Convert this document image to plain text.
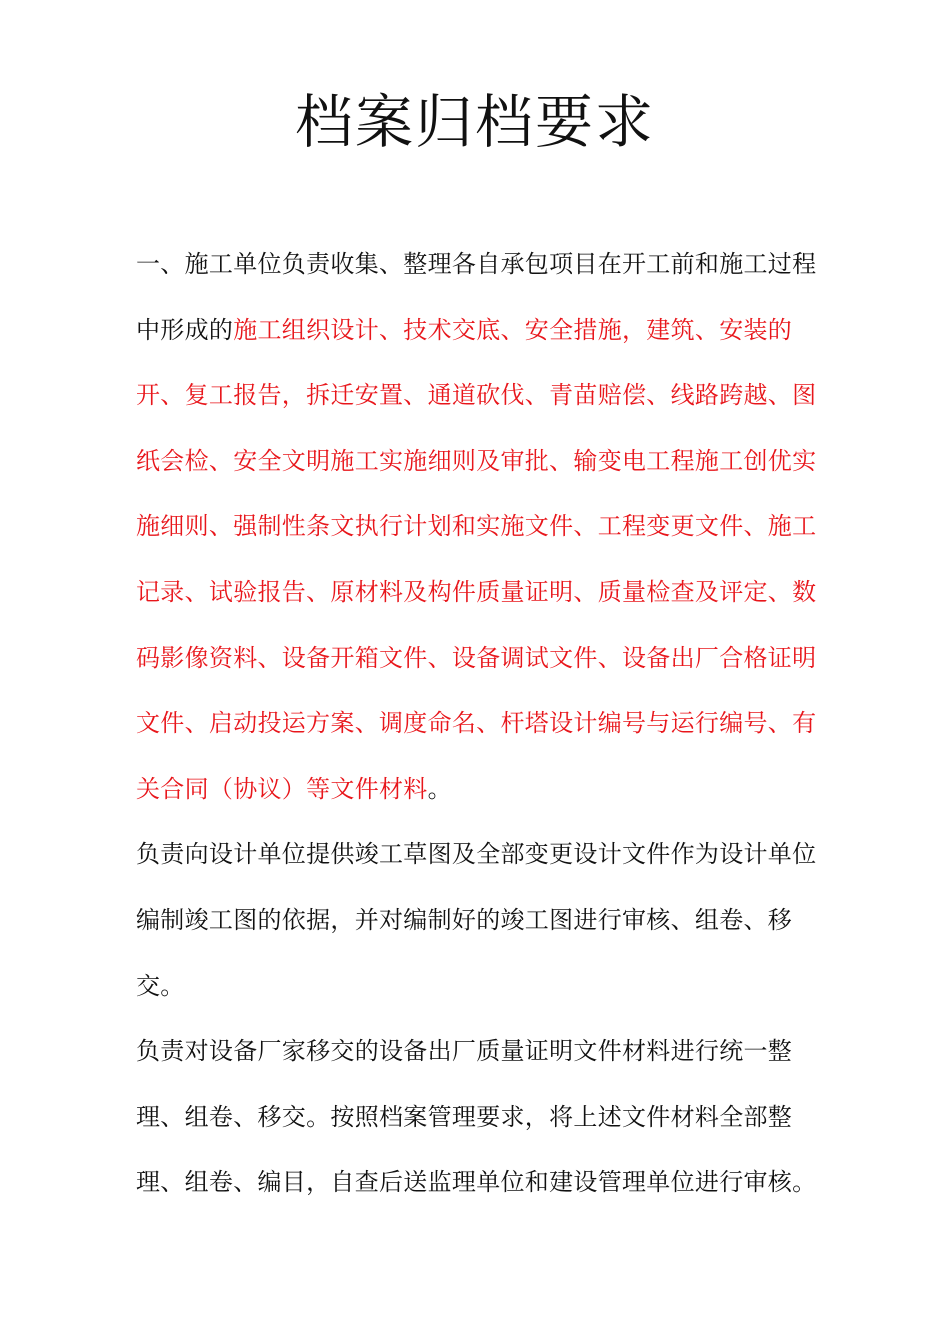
档案归档要求

一、施工单位负责收集、整理各自承包项目在开工前和施工过程中形成的施工组织设计、技术交底、安全措施，建筑、安装的开、复工报告，拆迁安置、通道砍伐、青苗赔偿、线路跨越、图纸会检、安全文明施工实施细则及审批、输变电工程施工创优实施细则、强制性条文执行计划和实施文件、工程变更文件、施工记录、试验报告、原材料及构件质量证明、质量检查及评定、数码影像资料、设备开箱文件、设备调试文件、设备出厂合格证明文件、启动投运方案、调度命名、杆塔设计编号与运行编号、有关合同（协议）等文件材料。

负责向设计单位提供竣工草图及全部变更设计文件作为设计单位编制竣工图的依据，并对编制好的竣工图进行审核、组卷、移交。

负责对设备厂家移交的设备出厂质量证明文件材料进行统一整理、组卷、移交。按照档案管理要求，将上述文件材料全部整理、组卷、编目，自查后送监理单位和建设管理单位进行审核。
